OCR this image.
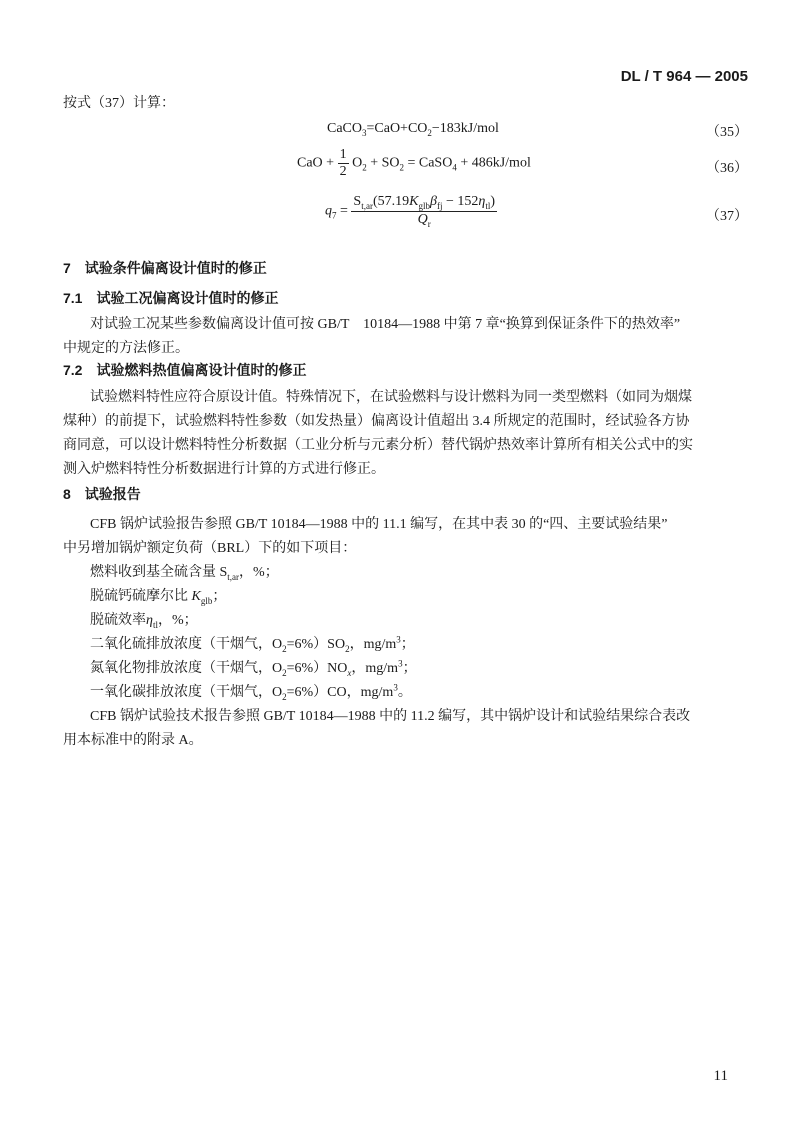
DL / T 964 — 2005
按式（37）计算：
$CaCO_3=CaO+CO_2-183kJ$/mol	（35）
CaO + $\frac{1}{2} O_2 + SO_2$ = CaSO$_4$ + 486kJ/mol	（36）
$q_7 = \frac{S_{t,ar}(57.19K_{glb}\beta_{fj} - 152\eta_{tl})}{Q_r}$	（37）
7　试验条件偏离设计值时的修正
7.1　试验工况偏离设计值时的修正
对试验工况某些参数偏离设计值可按 GB/T　10184—1988 中第 7 章“换算到保证条件下的热效率”
中规定的方法修正。
7.2　试验燃料热值偏离设计值时的修正
试验燃料特性应符合原设计值。特殊情况下，在试验燃料与设计燃料为同一类型燃料（如同为烟煤
煤种）的前提下，试验燃料特性参数（如发热量）偏离设计值超出 3.4 所规定的范围时，经试验各方协
商同意，可以设计燃料特性分析数据（工业分析与元素分析）替代锅炉热效率计算所有相关公式中的实
测入炉燃料特性分析数据进行计算的方式进行修正。
8　试验报告
CFB 锅炉试验报告参照 GB/T 10184—1988 中的 11.1 编写，在其中表 30 的“四、主要试验结果”
中另增加锅炉额定负荷（BRL）下的如下项目：
燃料收到基全硫含量 $S_{t,ar}$，%；
脱硫钙硫摩尔比 $K_{glb}$；
脱硫效率$\eta_{tl}$，%；
二氧化硫排放浓度（干烟气，$O_2=6\%)SO_2$，$mg/m^3$；
氮氧化物排放浓度（干烟气，$O_2=6\%)NO_x$，$mg/m^3$；
一氧化碳排放浓度（干烟气，$O_2=6\%)CO$，$mg/m^3$。
CFB 锅炉试验技术报告参照 GB/T 10184—1988 中的 11.2 编写，其中锅炉设计和试验结果综合表改
用本标准中的附录 A。
11
